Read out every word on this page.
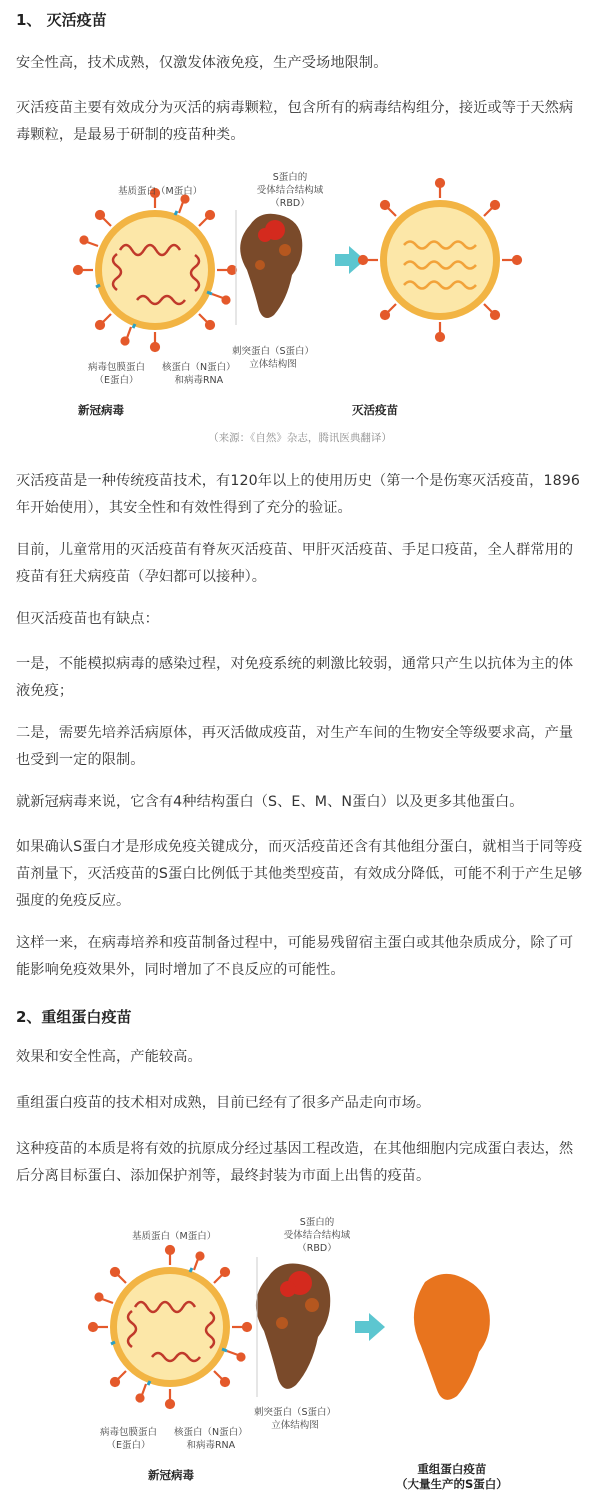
1、 灭活疫苗

安全性高，技术成熟，仅激发体液免疫，生产受场地限制。

灭活疫苗主要有效成分为灭活的病毒颗粒，包含所有的病毒结构组分，接近或等于天然病毒颗粒，是最易于研制的疫苗种类。

基质蛋白（M蛋白）
S蛋白的
受体结合结构域
（RBD）
病毒包膜蛋白
（E蛋白）
核蛋白（N蛋白）
和病毒RNA
刺突蛋白（S蛋白）
立体结构图
新冠病毒	灭活疫苗
（来源：《自然》杂志，腾讯医典翻译）

灭活疫苗是一种传统疫苗技术，有120年以上的使用历史（第一个是伤寒灭活疫苗，1896年开始使用），其安全性和有效性得到了充分的验证。

目前，儿童常用的灭活疫苗有脊灰灭活疫苗、甲肝灭活疫苗、手足口疫苗，全人群常用的疫苗有狂犬病疫苗（孕妇都可以接种）。

但灭活疫苗也有缺点：

一是，不能模拟病毒的感染过程，对免疫系统的刺激比较弱，通常只产生以抗体为主的体液免疫；

二是，需要先培养活病原体，再灭活做成疫苗，对生产车间的生物安全等级要求高，产量也受到一定的限制。

就新冠病毒来说，它含有4种结构蛋白（S、E、M、N蛋白）以及更多其他蛋白。

如果确认S蛋白才是形成免疫关键成分，而灭活疫苗还含有其他组分蛋白，就相当于同等疫苗剂量下，灭活疫苗的S蛋白比例低于其他类型疫苗，有效成分降低，可能不利于产生足够强度的免疫反应。

这样一来，在病毒培养和疫苗制备过程中，可能易残留宿主蛋白或其他杂质成分，除了可能影响免疫效果外，同时增加了不良反应的可能性。

2、重组蛋白疫苗

效果和安全性高，产能较高。

重组蛋白疫苗的技术相对成熟，目前已经有了很多产品走向市场。

这种疫苗的本质是将有效的抗原成分经过基因工程改造，在其他细胞内完成蛋白表达，然后分离目标蛋白、添加保护剂等，最终封装为市面上出售的疫苗。

基质蛋白（M蛋白）
S蛋白的
受体结合结构域
（RBD）
病毒包膜蛋白
（E蛋白）
核蛋白（N蛋白）
和病毒RNA
刺突蛋白（S蛋白）
立体结构图
新冠病毒	重组蛋白疫苗
（大量生产的S蛋白）
